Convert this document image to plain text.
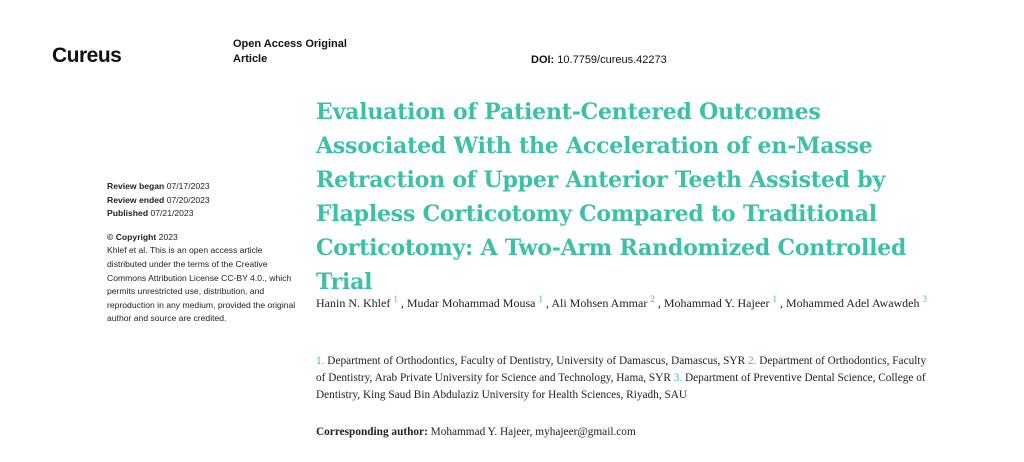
Cureus	Open Access Original
Article	DOI: 10.7759/cureus.42273
Review began 07/17/2023
Review ended 07/20/2023
Published 07/21/2023
© Copyright 2023
Khlef et al. This is an open access article distributed under the terms of the Creative Commons Attribution License CC-BY 4.0., which permits unrestricted use, distribution, and reproduction in any medium, provided the original author and source are credited.
Evaluation of Patient-Centered Outcomes Associated With the Acceleration of en-Masse Retraction of Upper Anterior Teeth Assisted by Flapless Corticotomy Compared to Traditional Corticotomy: A Two-Arm Randomized Controlled Trial
Hanin N. Khlef $^1$ , Mudar Mohammad Mousa $^1$ , Ali Mohsen Ammar $^2$ , Mohammad Y. Hajeer $^1$ , Mohammed Adel Awawdeh $^3$
1. Department of Orthodontics, Faculty of Dentistry, University of Damascus, Damascus, SYR 2. Department of Orthodontics, Faculty of Dentistry, Arab Private University for Science and Technology, Hama, SYR 3. Department of Preventive Dental Science, College of Dentistry, King Saud Bin Abdulaziz University for Health Sciences, Riyadh, SAU
Corresponding author: Mohammad Y. Hajeer, myhajeer@gmail.com
